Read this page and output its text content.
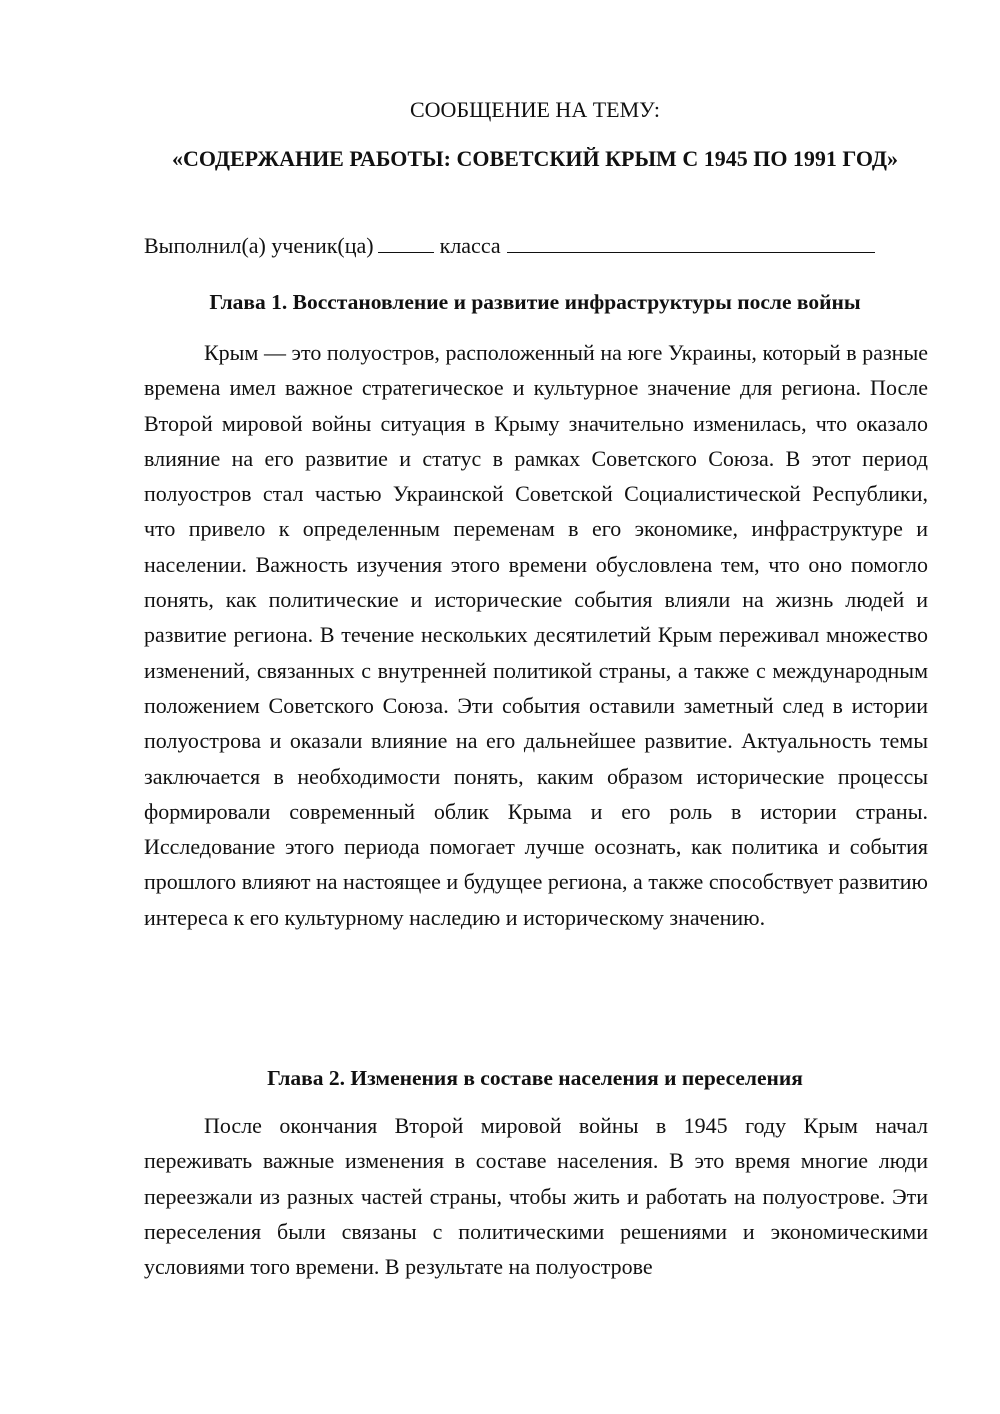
СООБЩЕНИЕ НА ТЕМУ:
«СОДЕРЖАНИЕ РАБОТЫ: СОВЕТСКИЙ КРЫМ С 1945 ПО 1991 ГОД»
Выполнил(а) ученик(ца)	класса
Глава 1. Восстановление и развитие инфраструктуры после войны

Крым — это полуостров, расположенный на юге Украины, который в разные времена имел важное стратегическое и культурное значение для региона. После Второй мировой войны ситуация в Крыму значительно изменилась, что оказало влияние на его развитие и статус в рамках Советского Союза. В этот период полуостров стал частью Украинской Советской Социалистической Республики, что привело к определенным переменам в его экономике, инфраструктуре и населении. Важность изучения этого времени обусловлена тем, что оно помогло понять, как политические и исторические события влияли на жизнь людей и развитие региона. В течение нескольких десятилетий Крым переживал множество изменений, связанных с внутренней политикой страны, а также с международным положением Советского Союза. Эти события оставили заметный след в истории полуострова и оказали влияние на его дальнейшее развитие. Актуальность темы заключается в необходимости понять, каким образом исторические процессы формировали современный облик Крыма и его роль в истории страны. Исследование этого периода помогает лучше осознать, как политика и события прошлого влияют на настоящее и будущее региона, а также способствует развитию интереса к его культурному наследию и историческому значению.

Глава 2. Изменения в составе населения и переселения

После окончания Второй мировой войны в 1945 году Крым начал переживать важные изменения в составе населения. В это время многие люди переезжали из разных частей страны, чтобы жить и работать на полуострове. Эти переселения были связаны с политическими решениями и экономическими условиями того времени. В результате на полуострове
